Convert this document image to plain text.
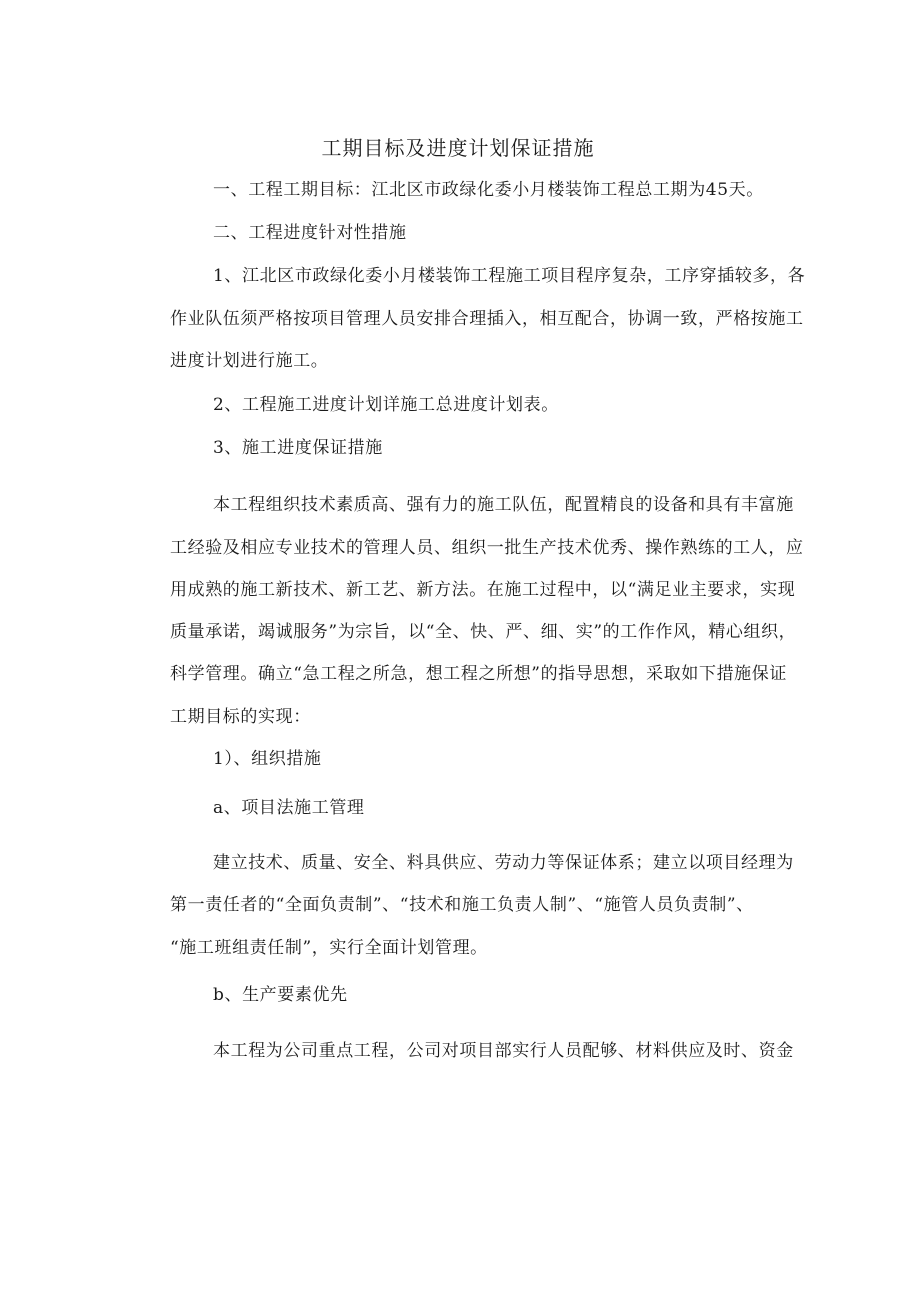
工期目标及进度计划保证措施
一、工程工期目标：江北区市政绿化委小月楼装饰工程总工期为45天。
二、工程进度针对性措施
1、江北区市政绿化委小月楼装饰工程施工项目程序复杂，工序穿插较多，各
作业队伍须严格按项目管理人员安排合理插入，相互配合，协调一致，严格按施工
进度计划进行施工。
2、工程施工进度计划详施工总进度计划表。
3、施工进度保证措施
本工程组织技术素质高、强有力的施工队伍，配置精良的设备和具有丰富施
工经验及相应专业技术的管理人员、组织一批生产技术优秀、操作熟练的工人，应
用成熟的施工新技术、新工艺、新方法。在施工过程中，以“满足业主要求，实现
质量承诺，竭诚服务”为宗旨，以“全、快、严、细、实”的工作作风，精心组织，
科学管理。确立“急工程之所急，想工程之所想”的指导思想，采取如下措施保证
工期目标的实现：
1）、组织措施
a、项目法施工管理
建立技术、质量、安全、料具供应、劳动力等保证体系；建立以项目经理为
第一责任者的“全面负责制”、“技术和施工负责人制”、“施管人员负责制”、
“施工班组责任制”，实行全面计划管理。
b、生产要素优先
本工程为公司重点工程，公司对项目部实行人员配够、材料供应及时、资金
